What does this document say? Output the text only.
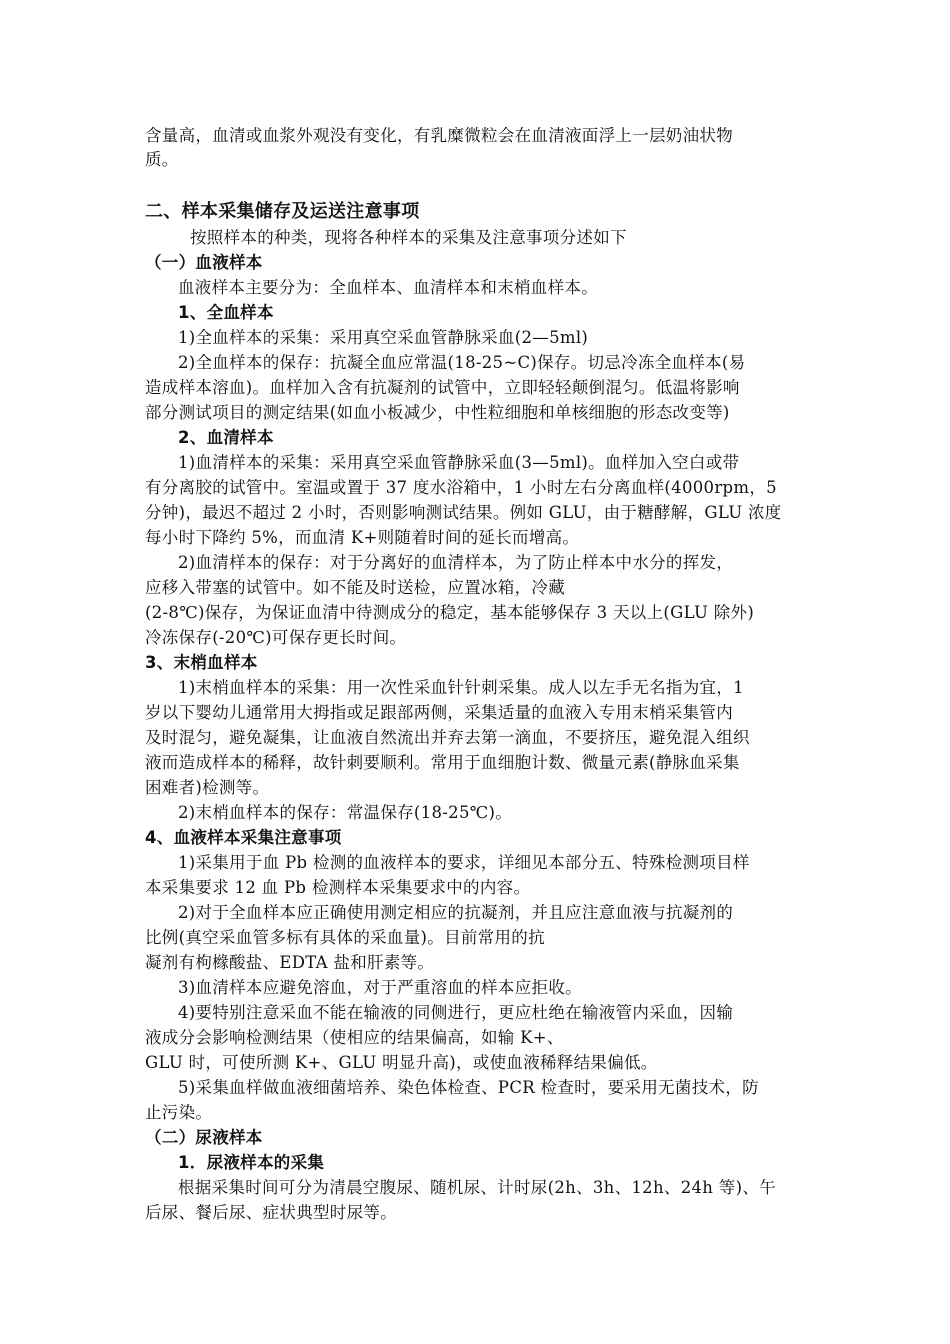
含量高，血清或血浆外观没有变化，有乳糜微粒会在血清液面浮上一层奶油状物
质。
二、样本采集储存及运送注意事项
按照样本的种类，现将各种样本的采集及注意事项分述如下
（一）血液样本
血液样本主要分为：全血样本、血清样本和末梢血样本。
1、全血样本
1)全血样本的采集：采用真空采血管静脉采血(2—5ml)
2)全血样本的保存：抗凝全血应常温(18-25~C)保存。切忌冷冻全血样本(易
造成样本溶血)。血样加入含有抗凝剂的试管中，立即轻轻颠倒混匀。低温将影响
部分测试项目的测定结果(如血小板减少，中性粒细胞和单核细胞的形态改变等)
2、血清样本
1)血清样本的采集：采用真空采血管静脉采血(3—5ml)。血样加入空白或带
有分离胶的试管中。室温或置于 37 度水浴箱中，1 小时左右分离血样(4000rpm，5
分钟)，最迟不超过 2 小时，否则影响测试结果。例如 GLU，由于糖酵解，GLU 浓度
每小时下降约 5%，而血清 K+则随着时间的延长而增高。
2)血清样本的保存：对于分离好的血清样本，为了防止样本中水分的挥发，
应移入带塞的试管中。如不能及时送检，应置冰箱，冷藏
(2-8℃)保存，为保证血清中待测成分的稳定，基本能够保存 3 天以上(GLU 除外)
冷冻保存(-20℃)可保存更长时间。
3、末梢血样本
1)末梢血样本的采集：用一次性采血针针刺采集。成人以左手无名指为宜，1
岁以下婴幼儿通常用大拇指或足跟部两侧，采集适量的血液入专用末梢采集管内
及时混匀，避免凝集，让血液自然流出并弃去第一滴血，不要挤压，避免混入组织
液而造成样本的稀释，故针刺要顺利。常用于血细胞计数、微量元素(静脉血采集
困难者)检测等。
2)末梢血样本的保存：常温保存(18-25℃)。
4、血液样本采集注意事项
1)采集用于血 Pb 检测的血液样本的要求，详细见本部分五、特殊检测项目样
本采集要求 12 血 Pb 检测样本采集要求中的内容。
2)对于全血样本应正确使用测定相应的抗凝剂，并且应注意血液与抗凝剂的
比例(真空采血管多标有具体的采血量)。目前常用的抗
凝剂有枸橼酸盐、EDTA 盐和肝素等。
3)血清样本应避免溶血，对于严重溶血的样本应拒收。
4)要特别注意采血不能在输液的同侧进行，更应杜绝在输液管内采血，因输
液成分会影响检测结果（使相应的结果偏高，如输 K+、
GLU 时，可使所测 K+、GLU 明显升高)，或使血液稀释结果偏低。
5)采集血样做血液细菌培养、染色体检查、PCR 检查时，要采用无菌技术，防
止污染。
（二）尿液样本
1．尿液样本的采集
根据采集时间可分为清晨空腹尿、随机尿、计时尿(2h、3h、12h、24h 等)、午
后尿、餐后尿、症状典型时尿等。
